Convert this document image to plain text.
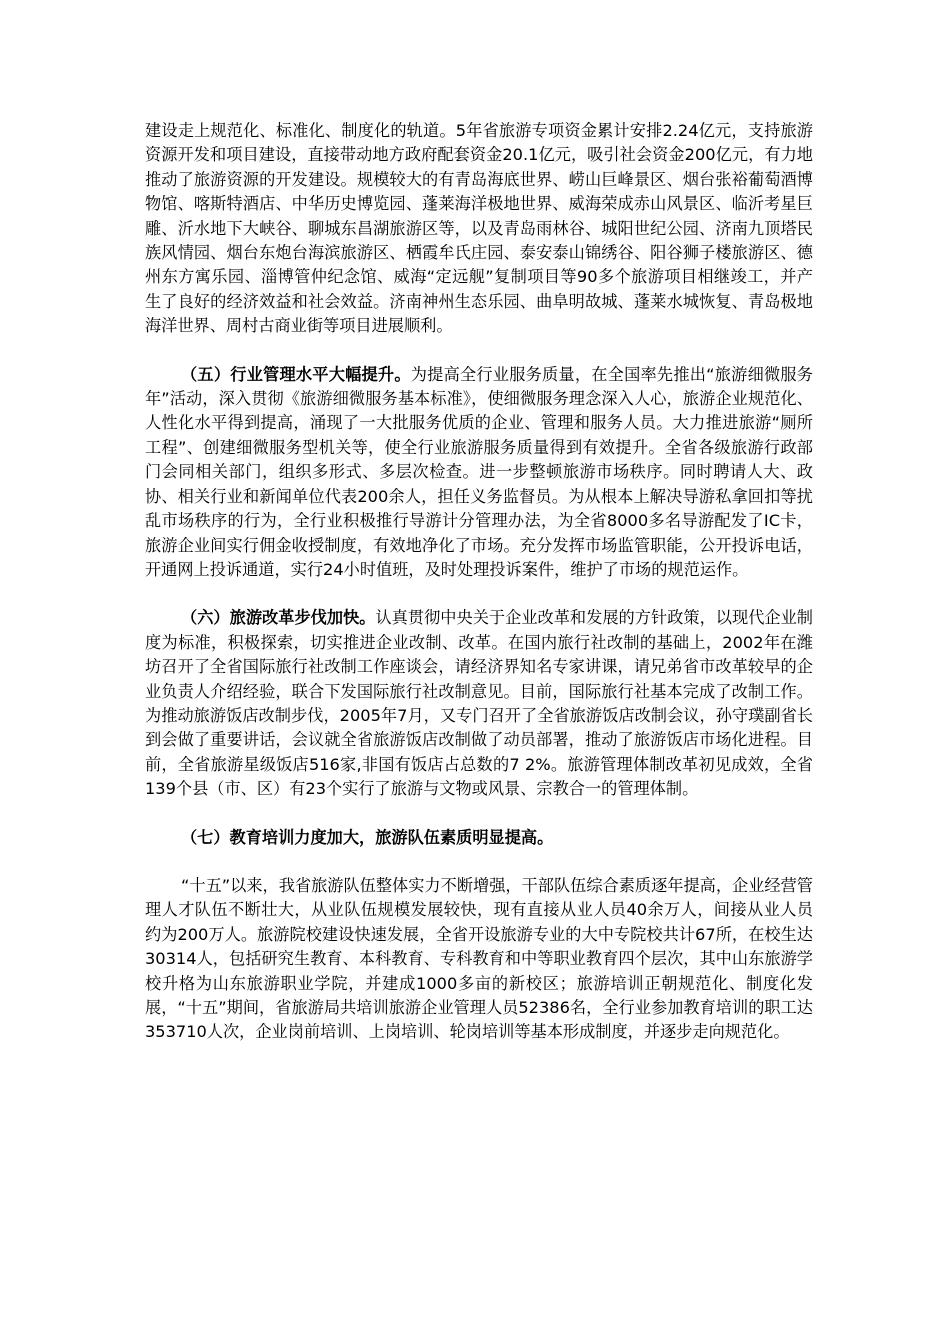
建设走上规范化、标准化、制度化的轨道。5年省旅游专项资金累计安排2.24亿元，支持旅游资源开发和项目建设，直接带动地方政府配套资金20.1亿元，吸引社会资金200亿元，有力地推动了旅游资源的开发建设。规模较大的有青岛海底世界、崂山巨峰景区、烟台张裕葡萄酒博物馆、喀斯特酒店、中华历史博览园、蓬莱海洋极地世界、威海荣成赤山风景区、临沂考星巨雕、沂水地下大峡谷、聊城东昌湖旅游区等，以及青岛雨林谷、城阳世纪公园、济南九顶塔民族风情园、烟台东炮台海滨旅游区、栖霞牟氏庄园、泰安泰山锦绣谷、阳谷狮子楼旅游区、德州东方寓乐园、淄博管仲纪念馆、威海“定远舰”复制项目等90多个旅游项目相继竣工，并产生了良好的经济效益和社会效益。济南神州生态乐园、曲阜明故城、蓬莱水城恢复、青岛极地海洋世界、周村古商业街等项目进展顺利。

（五）行业管理水平大幅提升。为提高全行业服务质量，在全国率先推出“旅游细微服务年”活动，深入贯彻《旅游细微服务基本标准》，使细微服务理念深入人心，旅游企业规范化、人性化水平得到提高，涌现了一大批服务优质的企业、管理和服务人员。大力推进旅游“厕所工程”、创建细微服务型机关等，使全行业旅游服务质量得到有效提升。全省各级旅游行政部门会同相关部门，组织多形式、多层次检查。进一步整顿旅游市场秩序。同时聘请人大、政协、相关行业和新闻单位代表200余人，担任义务监督员。为从根本上解决导游私拿回扣等扰乱市场秩序的行为，全行业积极推行导游计分管理办法，为全省8000多名导游配发了IC卡，旅游企业间实行佣金收授制度，有效地净化了市场。充分发挥市场监管职能，公开投诉电话，开通网上投诉通道，实行24小时值班，及时处理投诉案件，维护了市场的规范运作。

（六）旅游改革步伐加快。认真贯彻中央关于企业改革和发展的方针政策，以现代企业制度为标准，积极探索，切实推进企业改制、改革。在国内旅行社改制的基础上，2002年在潍坊召开了全省国际旅行社改制工作座谈会，请经济界知名专家讲课，请兄弟省市改革较早的企业负责人介绍经验，联合下发国际旅行社改制意见。目前，国际旅行社基本完成了改制工作。为推动旅游饭店改制步伐，2005年7月，又专门召开了全省旅游饭店改制会议，孙守璞副省长到会做了重要讲话，会议就全省旅游饭店改制做了动员部署，推动了旅游饭店市场化进程。目前，全省旅游星级饭店516家,非国有饭店占总数的7 2%。旅游管理体制改革初见成效，全省139个县（市、区）有23个实行了旅游与文物或风景、宗教合一的管理体制。

（七）教育培训力度加大，旅游队伍素质明显提高。

“十五”以来，我省旅游队伍整体实力不断增强，干部队伍综合素质逐年提高，企业经营管理人才队伍不断壮大，从业队伍规模发展较快，现有直接从业人员40余万人，间接从业人员约为200万人。旅游院校建设快速发展，全省开设旅游专业的大中专院校共计67所，在校生达30314人，包括研究生教育、本科教育、专科教育和中等职业教育四个层次，其中山东旅游学校升格为山东旅游职业学院，并建成1000多亩的新校区；旅游培训正朝规范化、制度化发展，“十五”期间，省旅游局共培训旅游企业管理人员52386名，全行业参加教育培训的职工达353710人次，企业岗前培训、上岗培训、轮岗培训等基本形成制度，并逐步走向规范化。
